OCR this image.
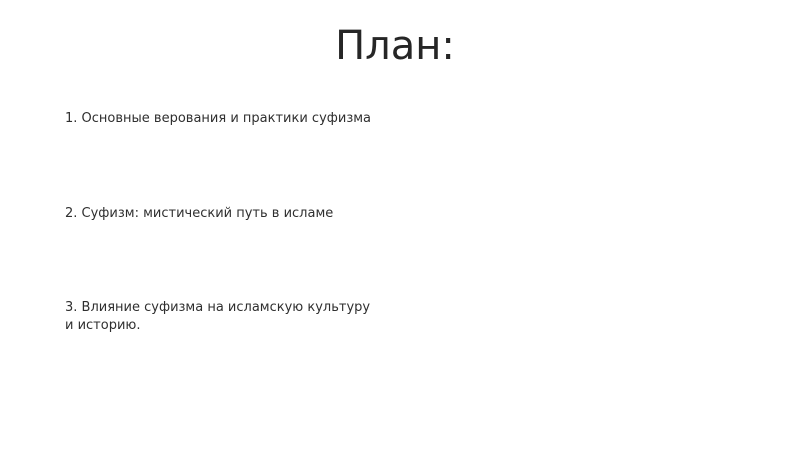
План:
1. Основные верования и практики суфизма
2. Суфизм: мистический путь в исламе
3. Влияние суфизма на исламскую культуру и историю.
